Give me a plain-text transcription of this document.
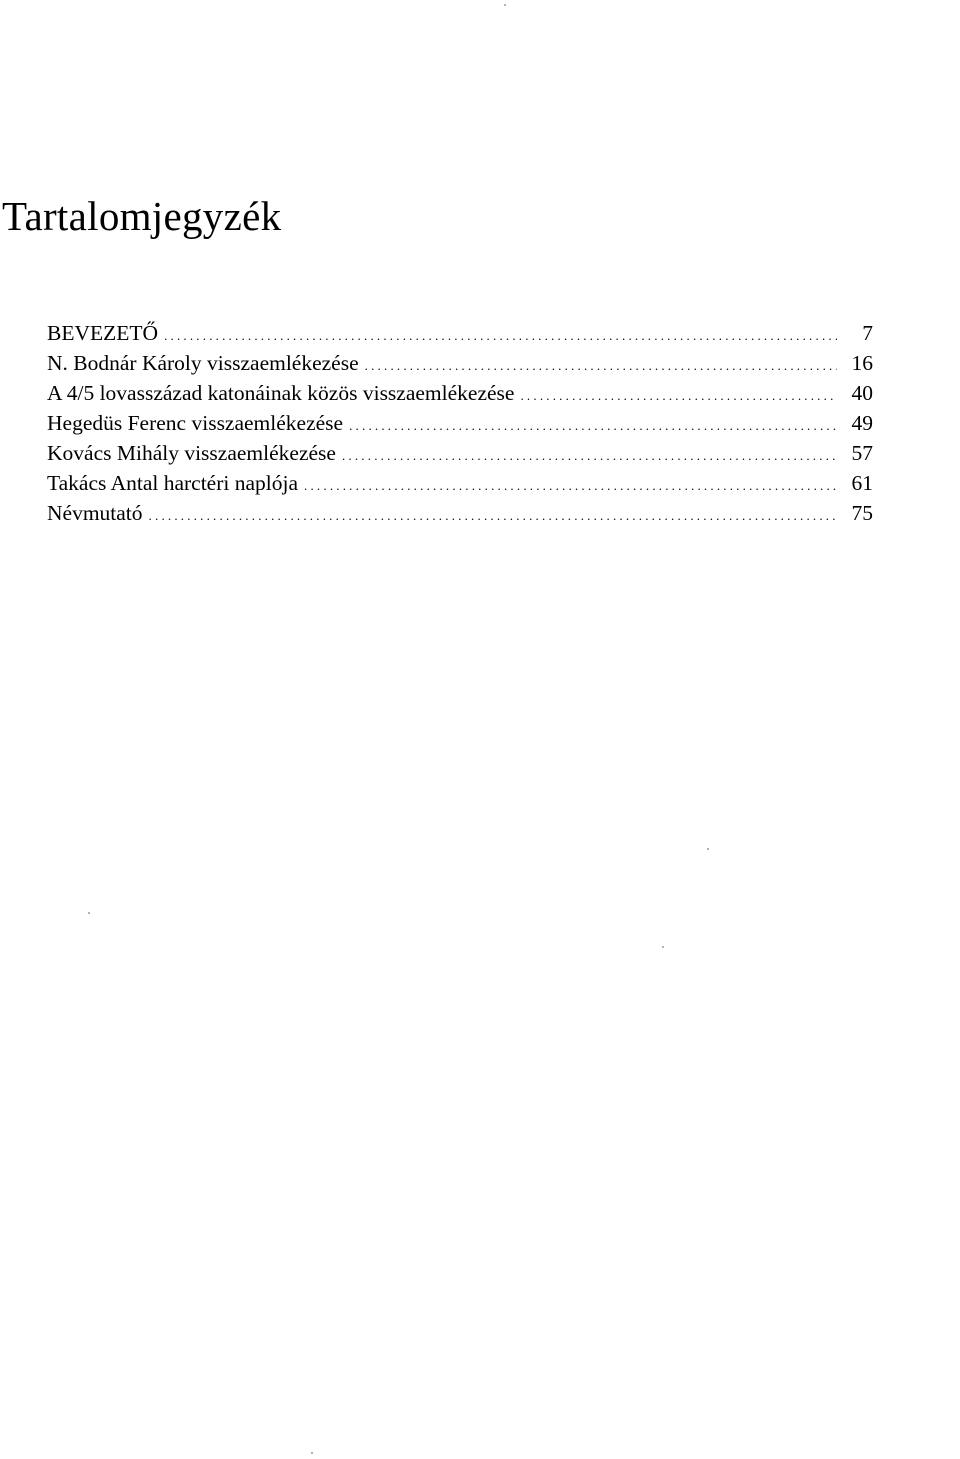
Tartalomjegyzék
BEVEZETŐ .....	7
N. Bodnár Károly visszaemlékezése .....	16
A 4/5 lovasszázad katonáinak közös visszaemlékezése .....	40
Hegedüs Ferenc visszaemlékezése .....	49
Kovács Mihály visszaemlékezése .....	57
Takács Antal harctéri naplója .....	61
Névmutató .....	75
